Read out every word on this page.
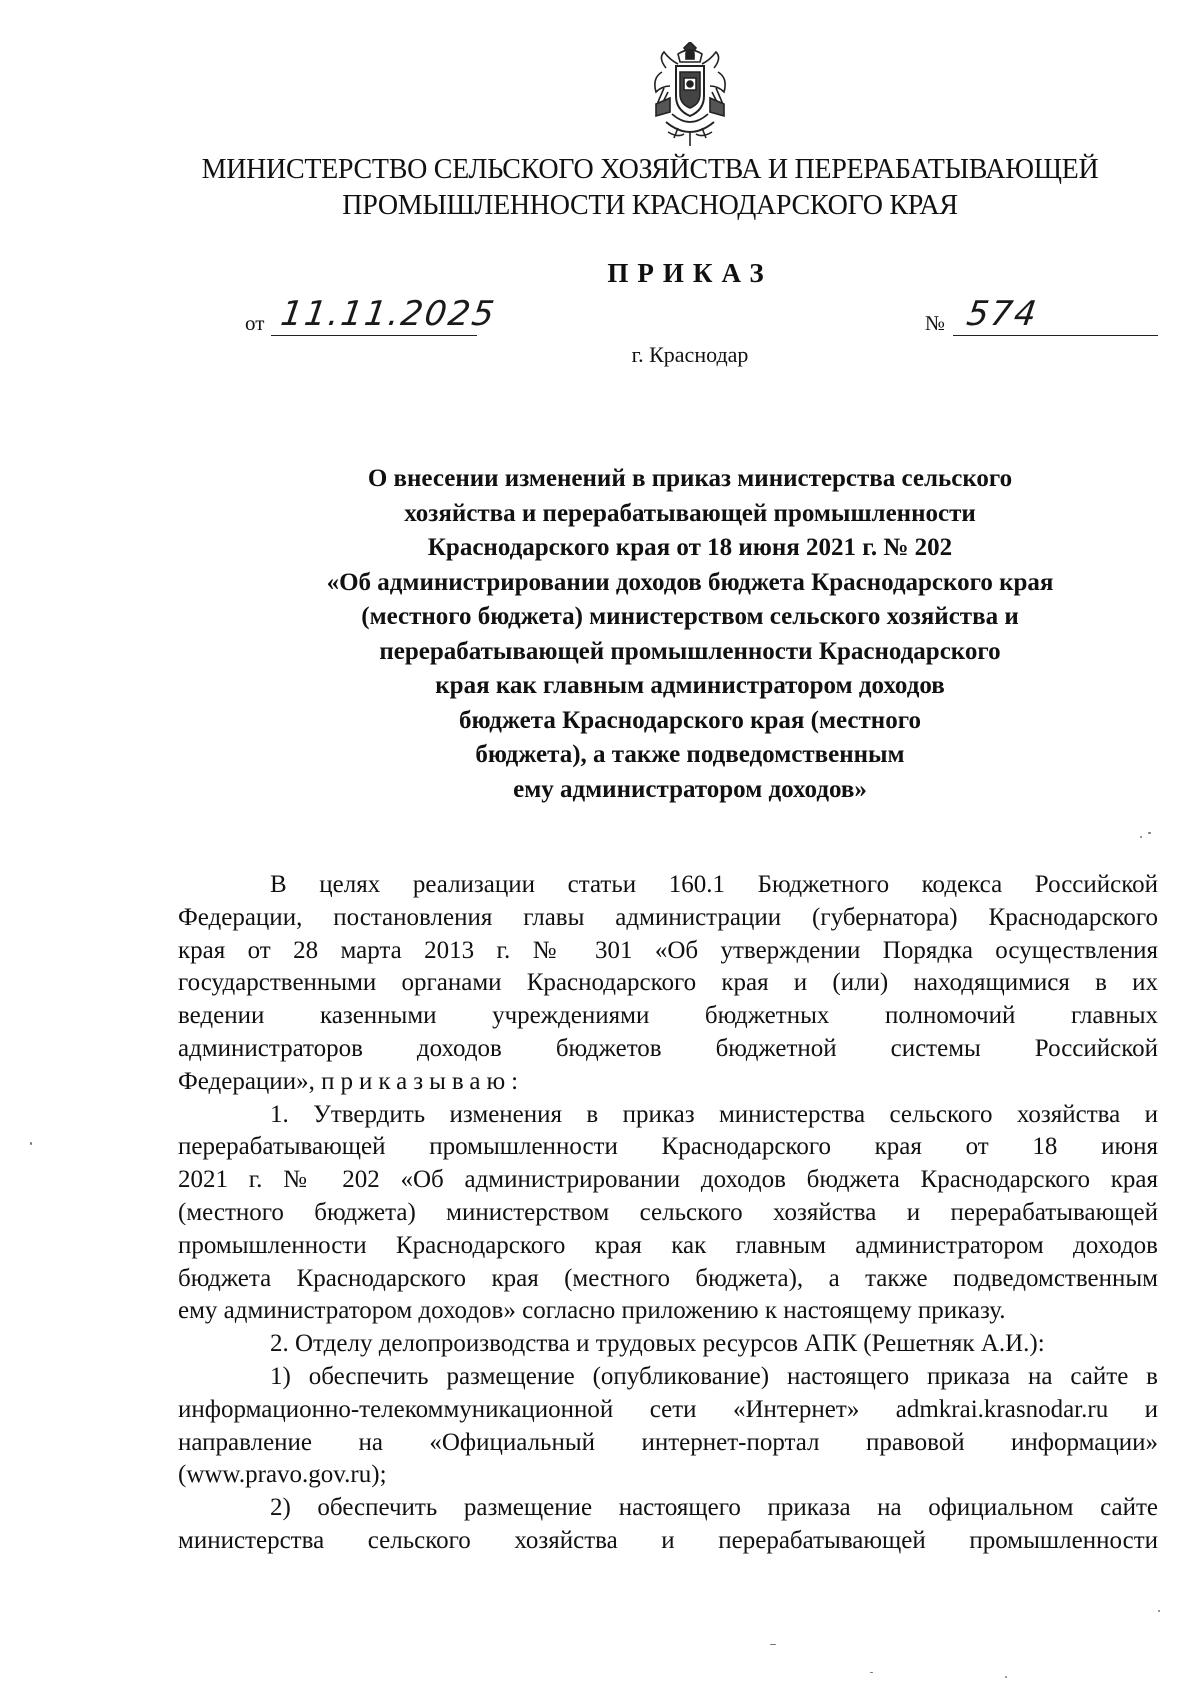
МИНИСТЕРСТВО СЕЛЬСКОГО ХОЗЯЙСТВА И ПЕРЕРАБАТЫВАЮЩЕЙ
ПРОМЫШЛЕННОСТИ КРАСНОДАРСКОГО КРАЯ
ПРИКАЗ
от 11.11.2025	№ 574
г. Краснодар
О внесении изменений в приказ министерства сельского
хозяйства и перерабатывающей промышленности
Краснодарского края от 18 июня 2021 г. № 202
«Об администрировании доходов бюджета Краснодарского края
(местного бюджета) министерством сельского хозяйства и
перерабатывающей промышленности Краснодарского
края как главным администратором доходов
бюджета Краснодарского края (местного
бюджета), а также подведомственным
ему администратором доходов»
В целях реализации статьи 160.1 Бюджетного кодекса Российской
Федерации, постановления главы администрации (губернатора) Краснодарского
края от 28 марта 2013 г. № 301 «Об утверждении Порядка осуществления
государственными органами Краснодарского края и (или) находящимися в их
ведении казенными учреждениями бюджетных полномочий главных
администраторов доходов бюджетов бюджетной системы Российской
Федерации», приказываю:
1. Утвердить изменения в приказ министерства сельского хозяйства и
перерабатывающей промышленности Краснодарского края от 18 июня
2021 г. № 202 «Об администрировании доходов бюджета Краснодарского края
(местного бюджета) министерством сельского хозяйства и перерабатывающей
промышленности Краснодарского края как главным администратором доходов
бюджета Краснодарского края (местного бюджета), а также подведомственным
ему администратором доходов» согласно приложению к настоящему приказу.
2. Отделу делопроизводства и трудовых ресурсов АПК (Решетняк А.И.):
1) обеспечить размещение (опубликование) настоящего приказа на сайте в
информационно-телекоммуникационной сети «Интернет» admkrai.krasnodar.ru и
направление на «Официальный интернет-портал правовой информации»
(www.pravo.gov.ru);
2) обеспечить размещение настоящего приказа на официальном сайте
министерства сельского хозяйства и перерабатывающей промышленности
